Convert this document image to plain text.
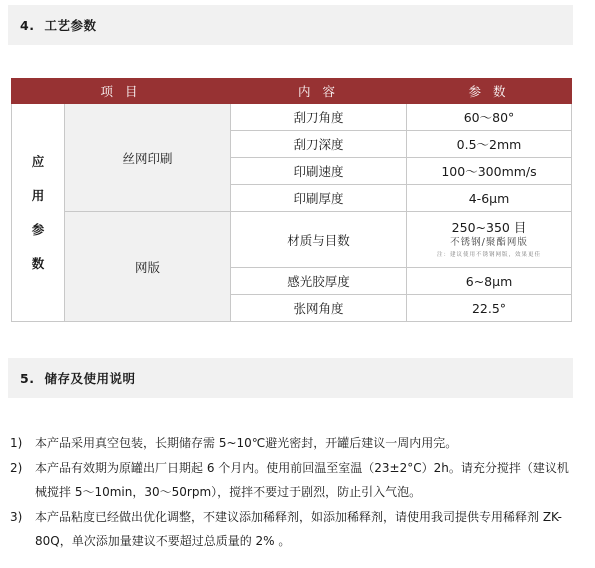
4. 工艺参数
项 目		内 容	参 数

应
用
参
数	丝网印刷	刮刀角度	60～80°
		刮刀深度	0.5～2mm
		印刷速度	100～300mm/s
		印刷厚度	4-6μm
	网版	材质与目数	250~350 目
不锈钢/聚酯网版
注：建议使用不锈钢网版，效果更佳

		感光胶厚度	6~8μm
		张网角度	22.5°
5. 储存及使用说明
1)	本产品采用真空包装，长期储存需 5~10℃避光密封，开罐后建议一周内用完。
2)	本产品有效期为原罐出厂日期起 6 个月内。使用前回温至室温（23±2°C）2h。请充分搅拌（建议机械搅拌 5～10min，30～50rpm），搅拌不要过于剧烈，防止引入气泡。
3)	本产品粘度已经做出优化调整，不建议添加稀释剂，如添加稀释剂，请使用我司提供专用稀释剂 ZK-80Q，单次添加量建议不要超过总质量的 2% 。
